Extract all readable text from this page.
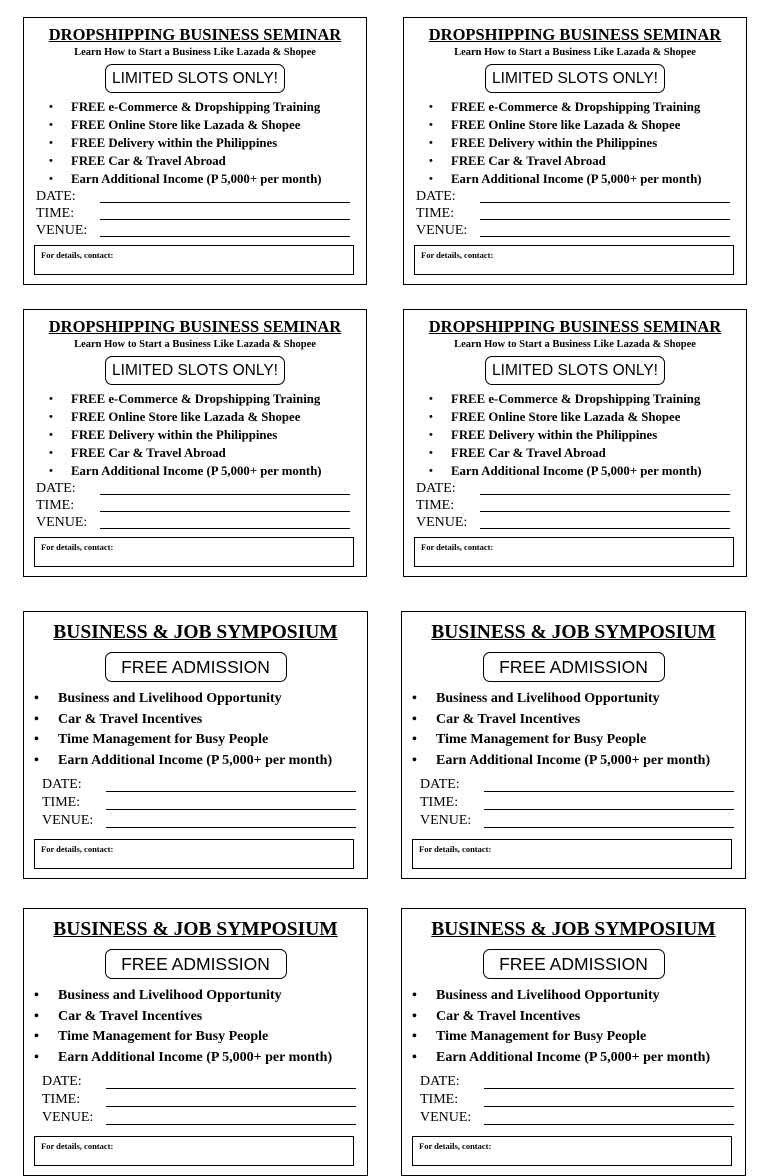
DROPSHIPPING BUSINESS SEMINAR
Learn How to Start a Business Like Lazada & Shopee
LIMITED SLOTS ONLY!
• FREE e-Commerce & Dropshipping Training
• FREE Online Store like Lazada & Shopee
• FREE Delivery within the Philippines
• FREE Car & Travel Abroad
• Earn Additional Income (P 5,000+ per month)
DATE:
TIME:
VENUE:
For details, contact:
DROPSHIPPING BUSINESS SEMINAR
Learn How to Start a Business Like Lazada & Shopee
LIMITED SLOTS ONLY!
• FREE e-Commerce & Dropshipping Training
• FREE Online Store like Lazada & Shopee
• FREE Delivery within the Philippines
• FREE Car & Travel Abroad
• Earn Additional Income (P 5,000+ per month)
DATE:
TIME:
VENUE:
For details, contact:
DROPSHIPPING BUSINESS SEMINAR
Learn How to Start a Business Like Lazada & Shopee
LIMITED SLOTS ONLY!
• FREE e-Commerce & Dropshipping Training
• FREE Online Store like Lazada & Shopee
• FREE Delivery within the Philippines
• FREE Car & Travel Abroad
• Earn Additional Income (P 5,000+ per month)
DATE:
TIME:
VENUE:
For details, contact:
DROPSHIPPING BUSINESS SEMINAR
Learn How to Start a Business Like Lazada & Shopee
LIMITED SLOTS ONLY!
• FREE e-Commerce & Dropshipping Training
• FREE Online Store like Lazada & Shopee
• FREE Delivery within the Philippines
• FREE Car & Travel Abroad
• Earn Additional Income (P 5,000+ per month)
DATE:
TIME:
VENUE:
For details, contact:
BUSINESS & JOB SYMPOSIUM
FREE ADMISSION
• Business and Livelihood Opportunity
• Car & Travel Incentives
• Time Management for Busy People
• Earn Additional Income (P 5,000+ per month)
DATE:
TIME:
VENUE:
For details, contact:
BUSINESS & JOB SYMPOSIUM
FREE ADMISSION
• Business and Livelihood Opportunity
• Car & Travel Incentives
• Time Management for Busy People
• Earn Additional Income (P 5,000+ per month)
DATE:
TIME:
VENUE:
For details, contact:
BUSINESS & JOB SYMPOSIUM
FREE ADMISSION
• Business and Livelihood Opportunity
• Car & Travel Incentives
• Time Management for Busy People
• Earn Additional Income (P 5,000+ per month)
DATE:
TIME:
VENUE:
For details, contact:
BUSINESS & JOB SYMPOSIUM
FREE ADMISSION
• Business and Livelihood Opportunity
• Car & Travel Incentives
• Time Management for Busy People
• Earn Additional Income (P 5,000+ per month)
DATE:
TIME:
VENUE:
For details, contact:
